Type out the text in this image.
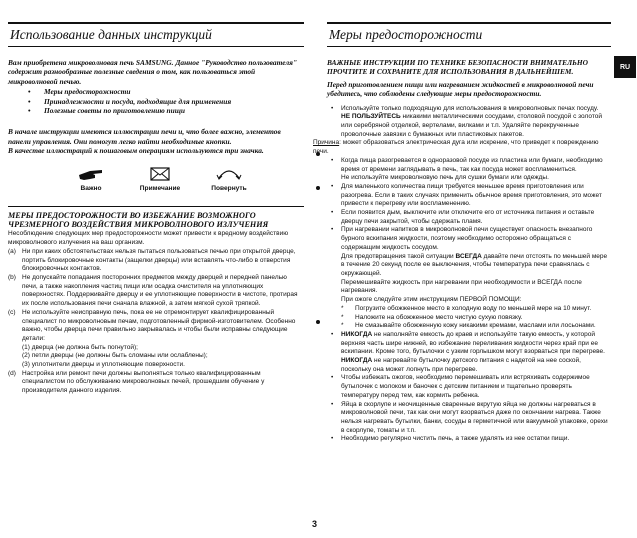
Использование данных инструкций

Вам приобретена микроволновая печь SAMSUNG. Данное "Руководство пользователя" содержит разнообразные полезные сведения о том, как пользоваться этой микроволновой печью.

• Меры предосторожности
• Принадлежности и посуда, подходящие для применения
• Полезные советы по приготовлению пищи

В начале инструкции имеются иллюстрации печи и, что более важно, элементов панели управления. Они помогут легко найти необходимые кнопки.

В качестве иллюстраций к пошаговым операциям используются три значка.

Важно	Примечание	Повернуть
МЕРЫ ПРЕДОСТОРОЖНОСТИ ВО ИЗБЕЖАНИЕ ВОЗМОЖНОГО ЧРЕЗМЕРНОГО ВОЗДЕЙСТВИЯ МИКРОВОЛНОВОГО ИЗЛУЧЕНИЯ

Несоблюдение следующих мер предосторожности может привести к вредному воздействию микроволнового излучения на ваш организм.

(a) Ни при каких обстоятельствах нельзя пытаться пользоваться печью при открытой дверце, портить блокировочные контакты (защелки дверцы) или вставлять что-либо в отверстия блокировочных контактов.
(b) Не допускайте попадания посторонних предметов между дверцей и передней панелью печи, а также накопления частиц пищи или осадка очистителя на уплотняющих поверхностях. Поддерживайте дверцу и ее уплотняющие поверхности в чистоте, протирая их после использования печи сначала влажной, а затем мягкой сухой тряпкой.
(c) Не используйте неисправную печь, пока ее не отремонтирует квалифицированный специалист по микроволновым печам, подготовленный фирмой-изготовителем. Особенно важно, чтобы дверца печи правильно закрывалась и чтобы были исправны следующие детали:
(1) дверца (не должна быть погнутой);
(2) петли дверцы (не должны быть сломаны или ослаблены);
(3) уплотнители дверцы и уплотняющие поверхности.
(d) Настройка или ремонт печи должны выполняться только квалифицированным специалистом по обслуживанию микроволновых печей, прошедшим обучение у производителя данного изделия.
Меры предосторожности

ВАЖНЫЕ ИНСТРУКЦИИ ПО ТЕХНИКЕ БЕЗОПАСНОСТИ ВНИМАТЕЛЬНО ПРОЧТИТЕ И СОХРАНИТЕ ДЛЯ ИСПОЛЬЗОВАНИЯ В ДАЛЬНЕЙШЕМ.

Перед приготовлением пищи или нагреванием жидкостей в микроволновой печи убедитесь, что соблюдены следующие меры предосторожности.

•	Используйте только подходящую для использования в микроволновых печах посуду.
НЕ ПОЛЬЗУЙТЕСЬ никакими металлическими сосудами, столовой посудой с золотой или серебряной отделкой, вертелами, вилками и т.п. Удаляйте перекрученные проволочные завязки с бумажных или пластиковых пакетов.
Причина: может образоваться электрическая дуга или искрение, что приведет к повреждению печи.
•	Когда пища разогревается в одноразовой посуде из пластика или бумаги, необходимо время от времени заглядывать в печь, так как посуда может воспламениться.
Не используйте микроволновую печь для сушки бумаги или одежды.
•	Для маленького количества пищи требуется меньшее время приготовления или разогрева. Если в таких случаях применить обычное время приготовления, это может привести к перегреву или воспламенению.
•	Если появится дым, выключите или отключите его от источника питания и оставьте дверцу печи закрытой, чтобы сдержать пламя.
•	При нагревании напитков в микроволновой печи существует опасность внезапного бурного вскипания жидкости, поэтому необходимо осторожно обращаться с содержащим жидкость сосудом.
Для предотвращения такой ситуации ВСЕГДА давайте печи отстоять по меньшей мере в течение 20 секунд после ее выключения, чтобы температура печи сравнялась с окружающей.
Перемешивайте жидкость при нагревании при необходимости и ВСЕГДА после нагревания.
При ожоге следуйте этим инструкциям ПЕРВОЙ ПОМОЩИ:
*	Погрузите обожженное место в холодную воду по меньшей мере на 10 минут.
*	Наложите на обожженное место чистую сухую повязку.
*	Не смазывайте обожженную кожу никакими кремами, маслами или лосьонами.
•	НИКОГДА не наполняйте емкость до краев и используйте такую емкость, у которой верхняя часть шире нижней, во избежание переливания жидкости через край при ее вскипании. Кроме того, бутылочки с узким горлышком могут взорваться при перегреве. НИКОГДА не нагревайте бутылочку детского питания с надетой на нее соской, поскольку она может лопнуть при перегреве.
•	Чтобы избежать ожогов, необходимо перемешивать или встряхивать содержимое бутылочек с молоком и баночек с детским питанием и тщательно проверять температуру перед тем, как кормить ребенка.
•	Яйца в скорлупе и неочищенные сваренные вкрутую яйца не должны нагреваться в микроволновой печи, так как они могут взорваться даже по окончании нагрева. Также нельзя нагревать бутылки, банки, сосуды в герметичной или вакуумной упаковке, орехи в скорлупе, томаты и т.п.
•	Необходимо регулярно чистить печь, а также удалять из нее остатки пищи.
RU
3
